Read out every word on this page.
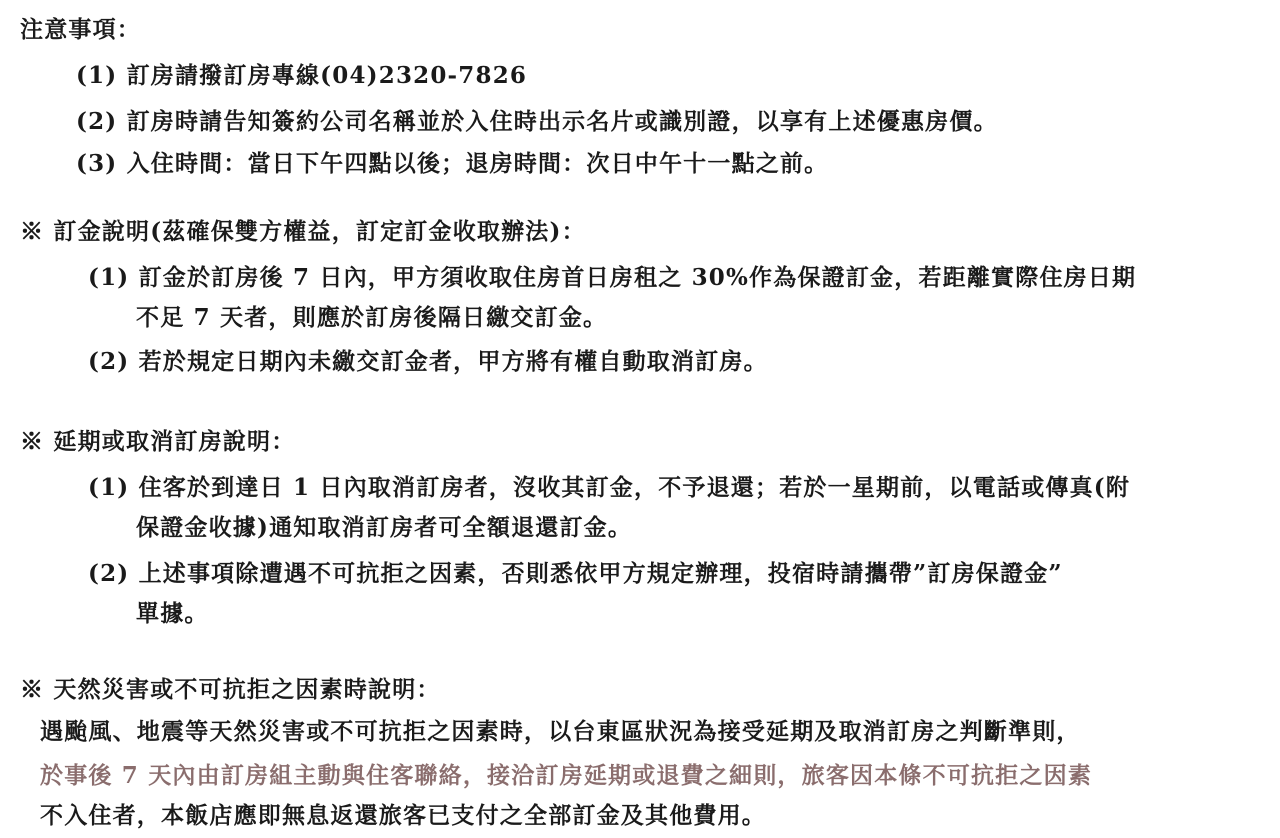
注意事項：
(1) 訂房請撥訂房專線(04)2320-7826
(2) 訂房時請告知簽約公司名稱並於入住時出示名片或識別證，以享有上述優惠房價。
(3) 入住時間：當日下午四點以後；退房時間：次日中午十一點之前。
※ 訂金說明(茲確保雙方權益，訂定訂金收取辦法)：
(1) 訂金於訂房後 7 日內，甲方須收取住房首日房租之 30%作為保證訂金，若距離實際住房日期
不足 7 天者，則應於訂房後隔日繳交訂金。
(2) 若於規定日期內未繳交訂金者，甲方將有權自動取消訂房。
※ 延期或取消訂房說明：
(1) 住客於到達日 1 日內取消訂房者，沒收其訂金，不予退還；若於一星期前，以電話或傳真(附
保證金收據)通知取消訂房者可全額退還訂金。
(2) 上述事項除遭遇不可抗拒之因素，否則悉依甲方規定辦理，投宿時請攜帶”訂房保證金”
單據。
※ 天然災害或不可抗拒之因素時說明：
遇颱風、地震等天然災害或不可抗拒之因素時，以台東區狀況為接受延期及取消訂房之判斷準則，
於事後 7 天內由訂房組主動與住客聯絡，接洽訂房延期或退費之細則，旅客因本條不可抗拒之因素
不入住者，本飯店應即無息返還旅客已支付之全部訂金及其他費用。
